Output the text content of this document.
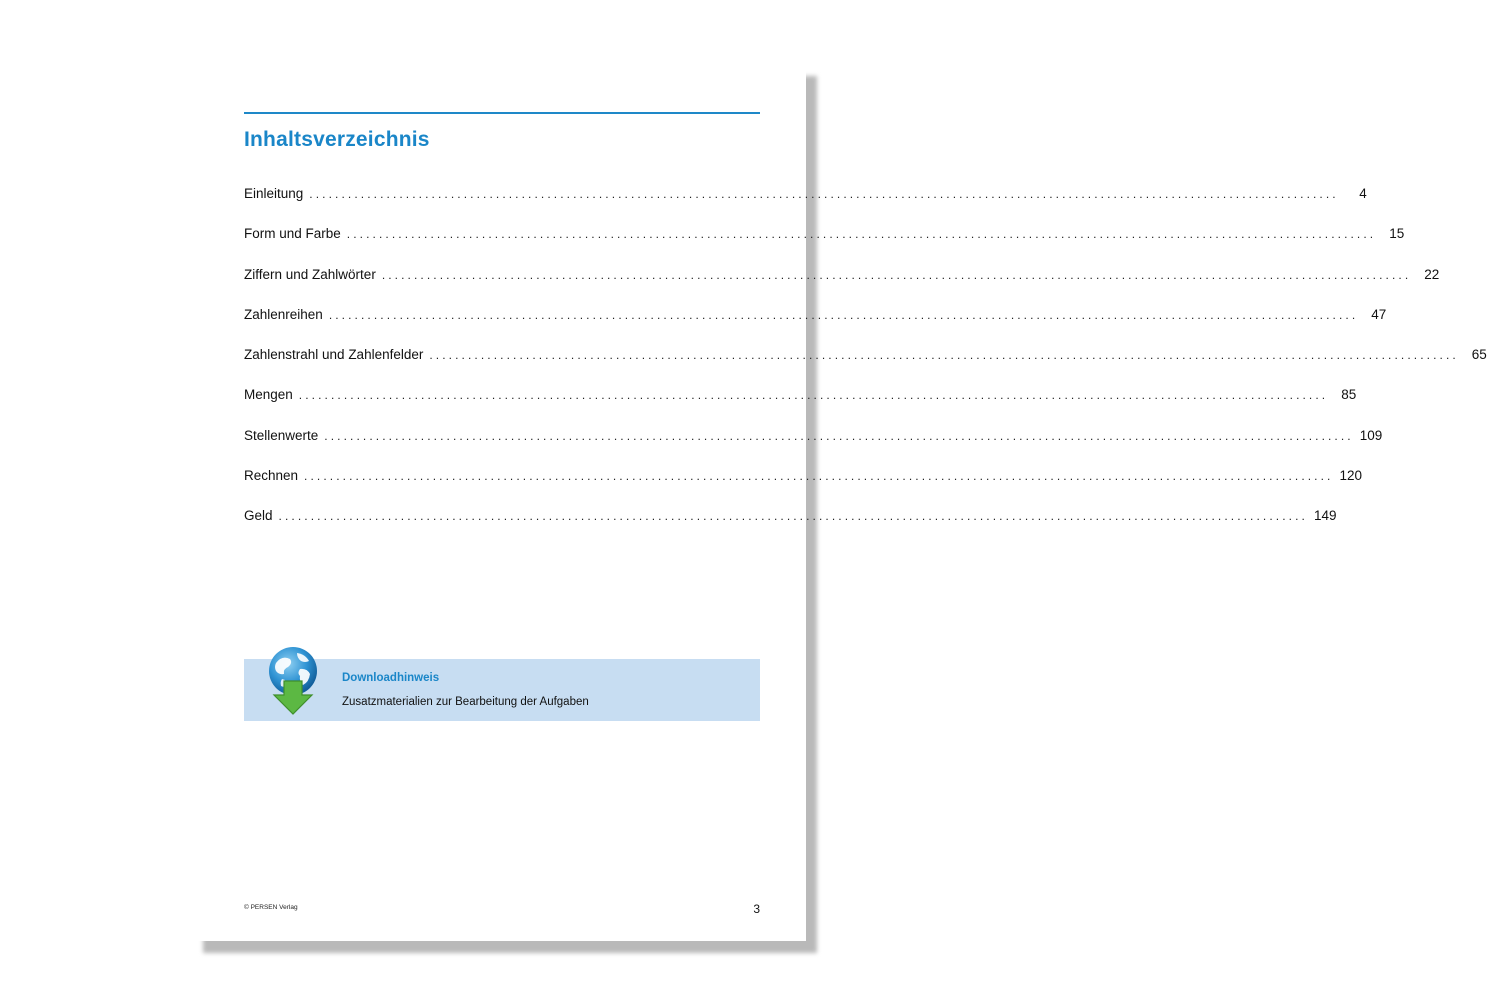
Inhaltsverzeichnis
Einleitung ................................................................................................................................................................	4
Form und Farbe ................................................................................................................................................................ 15
Ziffern und Zahlwörter ................................................................................................................................................................ 22
Zahlenreihen ................................................................................................................................................................ 47
Zahlenstrahl und Zahlenfelder ................................................................................................................................................................ 65
Mengen ................................................................................................................................................................ 85
Stellenwerte ................................................................................................................................................................ 109
Rechnen ................................................................................................................................................................ 120
Geld ................................................................................................................................................................ 149
Downloadhinweis
Zusatzmaterialien zur Bearbeitung der Aufgaben
© PERSEN Verlag	3
